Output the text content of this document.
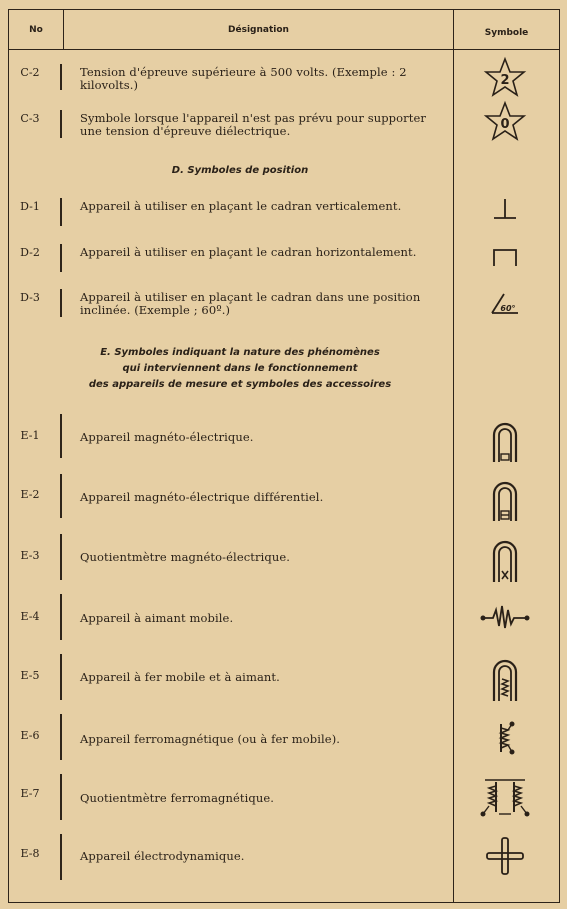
No	Désignation	Symbole
C-2	Tension d'épreuve supérieure à 500 volts. (Exemple : 2 kilovolts.)	2
C-3	Symbole lorsque l'appareil n'est pas prévu pour supporter une tension d'épreuve diélectrique.	0
D. Symboles de position
D-1	Appareil à utiliser en plaçant le cadran verticalement.
D-2	Appareil à utiliser en plaçant le cadran horizontalement.
D-3	Appareil à utiliser en plaçant le cadran dans une position inclinée. (Exemple ; 60º.)	60°
E. Symboles indiquant la nature des phénomènes
qui interviennent dans le fonctionnement
des appareils de mesure et symboles des accessoires
E-1	Appareil magnéto-électrique.
E-2	Appareil magnéto-électrique différentiel.
E-3	Quotientmètre magnéto-électrique.
E-4	Appareil à aimant mobile.
E-5	Appareil à fer mobile et à aimant.
E-6	Appareil ferromagnétique (ou à fer mobile).
E-7	Quotientmètre ferromagnétique.
E-8	Appareil électrodynamique.
